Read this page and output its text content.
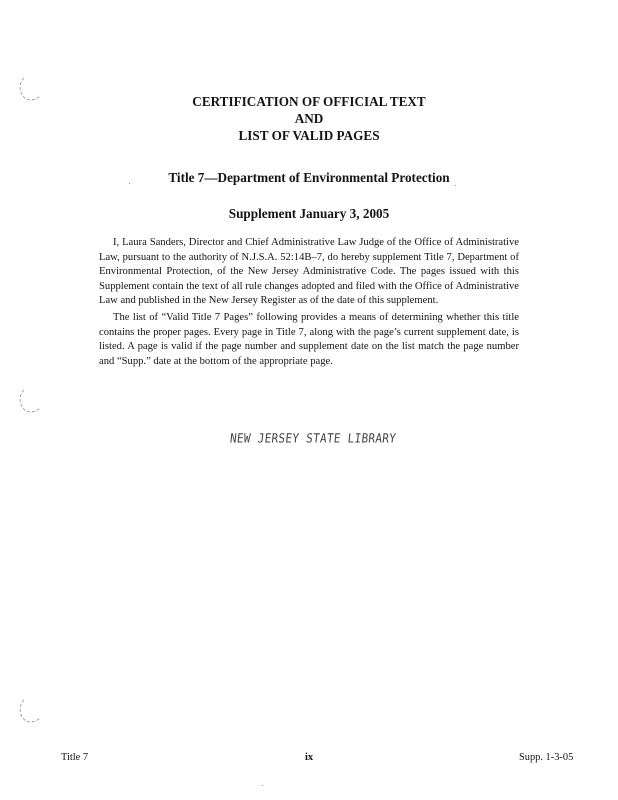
CERTIFICATION OF OFFICIAL TEXT
AND
LIST OF VALID PAGES

Title 7—Department of Environmental Protection

Supplement January 3, 2005

I, Laura Sanders, Director and Chief Administrative Law Judge of the Office of Administrative Law, pursuant to the authority of N.J.S.A. 52:14B–7, do hereby supplement Title 7, Department of Environmental Protection, of the New Jersey Administrative Code. The pages issued with this Supplement contain the text of all rule changes adopted and filed with the Office of Administrative Law and published in the New Jersey Register as of the date of this supplement.

The list of “Valid Title 7 Pages” following provides a means of determining whether this title contains the proper pages. Every page in Title 7, along with the page’s current supplement date, is listed. A page is valid if the page number and supplement date on the list match the page number and “Supp.” date at the bottom of the appropriate page.

NEW JERSEY STATE LIBRARY
Title 7	ix	Supp. 1-3-05
